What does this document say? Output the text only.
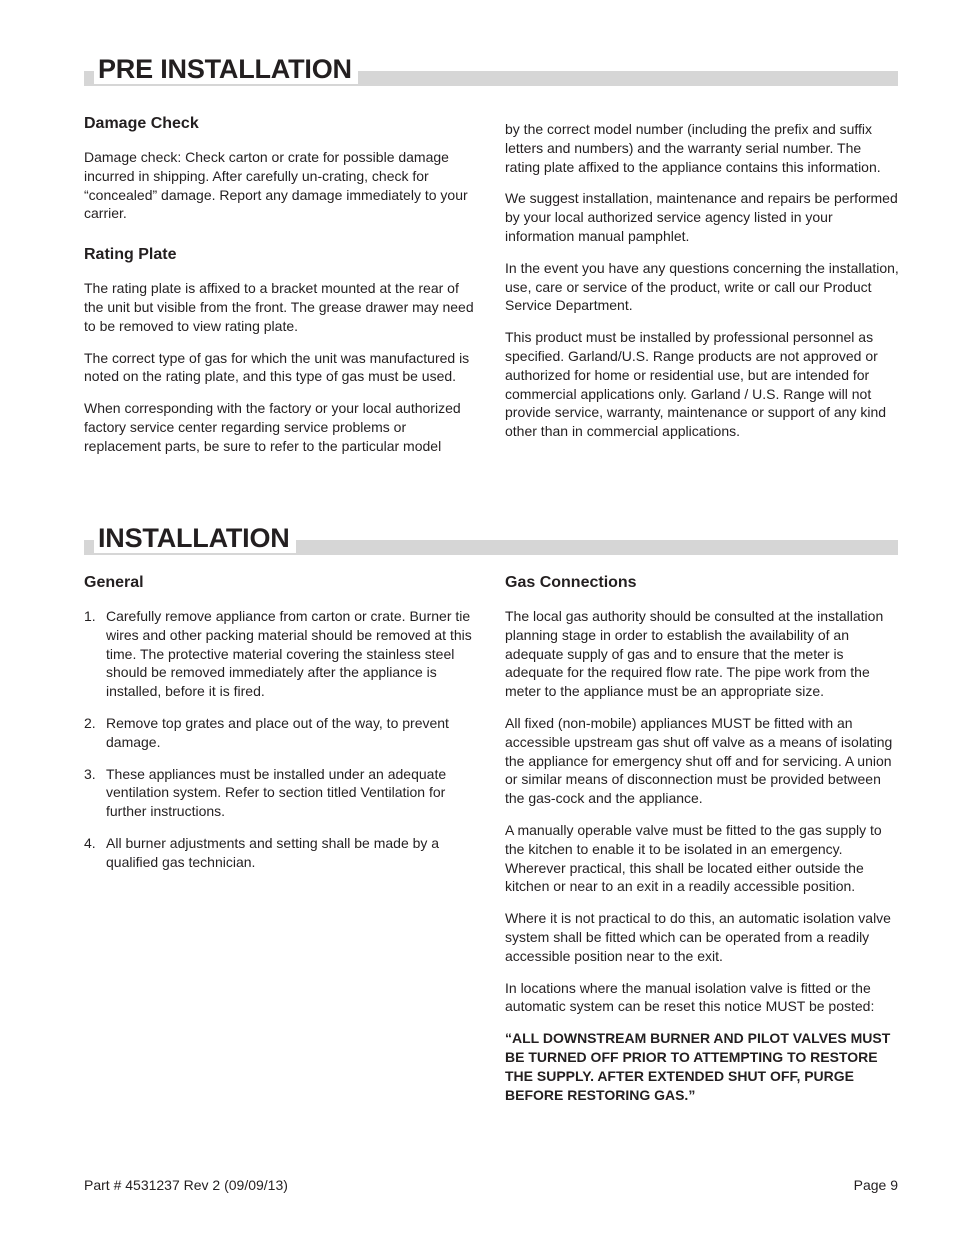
PRE INSTALLATION
Damage Check

Damage check: Check carton or crate for possible damage incurred in shipping. After carefully un-crating, check for “concealed” damage. Report any damage immediately to your carrier.

Rating Plate

The rating plate is affixed to a bracket mounted at the rear of the unit but visible from the front. The grease drawer may need to be removed to view rating plate.

The correct type of gas for which the unit was manufactured is noted on the rating plate, and this type of gas must be used.

When corresponding with the factory or your local authorized factory service center regarding service problems or replacement parts, be sure to refer to the particular model

by the correct model number (including the prefix and suffix letters and numbers) and the warranty serial number. The rating plate affixed to the appliance contains this information.

We suggest installation, maintenance and repairs be performed by your local authorized service agency listed in your information manual pamphlet.

In the event you have any questions concerning the installation, use, care or service of the product, write or call our Product Service Department.

This product must be installed by professional personnel as specified. Garland/U.S. Range products are not approved or authorized for home or residential use, but are intended for commercial applications only. Garland / U.S. Range will not provide service, warranty, maintenance or support of any kind other than in commercial applications.

INSTALLATION
General
1. Carefully remove appliance from carton or crate. Burner tie wires and other packing material should be removed at this time. The protective material covering the stainless steel should be removed immediately after the appliance is installed, before it is fired.
2. Remove top grates and place out of the way, to prevent damage.
3. These appliances must be installed under an adequate ventilation system. Refer to section titled Ventilation for further instructions.
4. All burner adjustments and setting shall be made by a qualified gas technician.
Gas Connections

The local gas authority should be consulted at the installation planning stage in order to establish the availability of an adequate supply of gas and to ensure that the meter is adequate for the required flow rate. The pipe work from the meter to the appliance must be an appropriate size.

All fixed (non-mobile) appliances MUST be fitted with an accessible upstream gas shut off valve as a means of isolating the appliance for emergency shut off and for servicing. A union or similar means of disconnection must be provided between the gas-cock and the appliance.

A manually operable valve must be fitted to the gas supply to the kitchen to enable it to be isolated in an emergency. Wherever practical, this shall be located either outside the kitchen or near to an exit in a readily accessible position.

Where it is not practical to do this, an automatic isolation valve system shall be fitted which can be operated from a readily accessible position near to the exit.

In locations where the manual isolation valve is fitted or the automatic system can be reset this notice MUST be posted:

“ALL DOWNSTREAM BURNER AND PILOT VALVES MUST BE TURNED OFF PRIOR TO ATTEMPTING TO RESTORE THE SUPPLY. AFTER EXTENDED SHUT OFF, PURGE BEFORE RESTORING GAS.”

Part # 4531237 Rev 2 (09/09/13)	Page 9
